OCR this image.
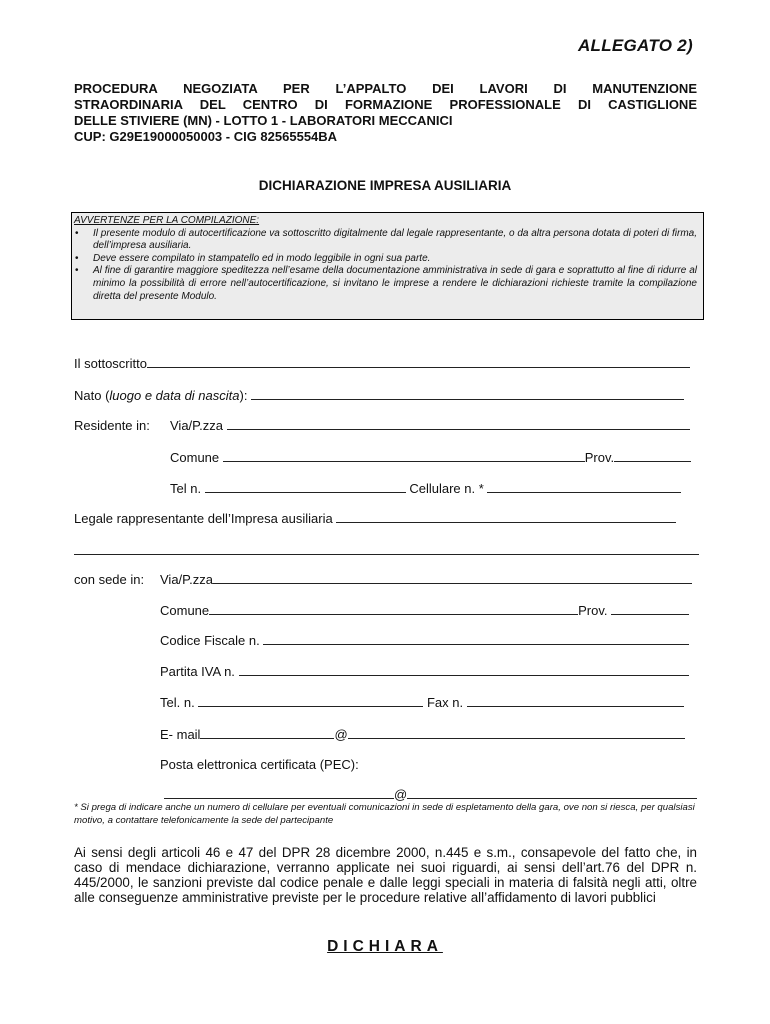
ALLEGATO 2)
PROCEDURA NEGOZIATA PER L’APPALTO DEI LAVORI DI MANUTENZIONE
STRAORDINARIA DEL CENTRO DI FORMAZIONE PROFESSIONALE DI CASTIGLIONE
DELLE STIVIERE (MN) - LOTTO 1 - LABORATORI MECCANICI
CUP: G29E19000050003 - CIG 82565554BA
DICHIARAZIONE IMPRESA AUSILIARIA
AVVERTENZE PER LA COMPILAZIONE:
• Il presente modulo di autocertificazione va sottoscritto digitalmente dal legale rappresentante, o da altra persona dotata di poteri di firma, dell’impresa ausiliaria.
• Deve essere compilato in stampatello ed in modo leggibile in ogni sua parte.
• Al fine di garantire maggiore speditezza nell’esame della documentazione amministrativa in sede di gara e soprattutto al fine di ridurre al minimo la possibilità di errore nell’autocertificazione, si invitano le imprese a rendere le dichiarazioni richieste tramite la compilazione diretta del presente Modulo.
Il sottoscritto
Nato (luogo e data di nascita):
Residente in: Via/P.zza
Comune	Prov.
Tel n.	Cellulare n. *
Legale rappresentante dell’Impresa ausiliaria
con sede in: Via/P.zza
Comune	Prov.
Codice Fiscale n.
Partita IVA n.
Tel. n.	Fax n.
E- mail	@
Posta elettronica certificata (PEC):
@
* Si prega di indicare anche un numero di cellulare per eventuali comunicazioni in sede di espletamento della gara, ove non si riesca, per qualsiasi motivo, a contattare telefonicamente la sede del partecipante
Ai sensi degli articoli 46 e 47 del DPR 28 dicembre 2000, n.445 e s.m., consapevole del fatto che, in caso di mendace dichiarazione, verranno applicate nei suoi riguardi, ai sensi dell’art.76 del DPR n. 445/2000, le sanzioni previste dal codice penale e dalle leggi speciali in materia di falsità negli atti, oltre alle conseguenze amministrative previste per le procedure relative all’affidamento di lavori pubblici
DICHIARA
